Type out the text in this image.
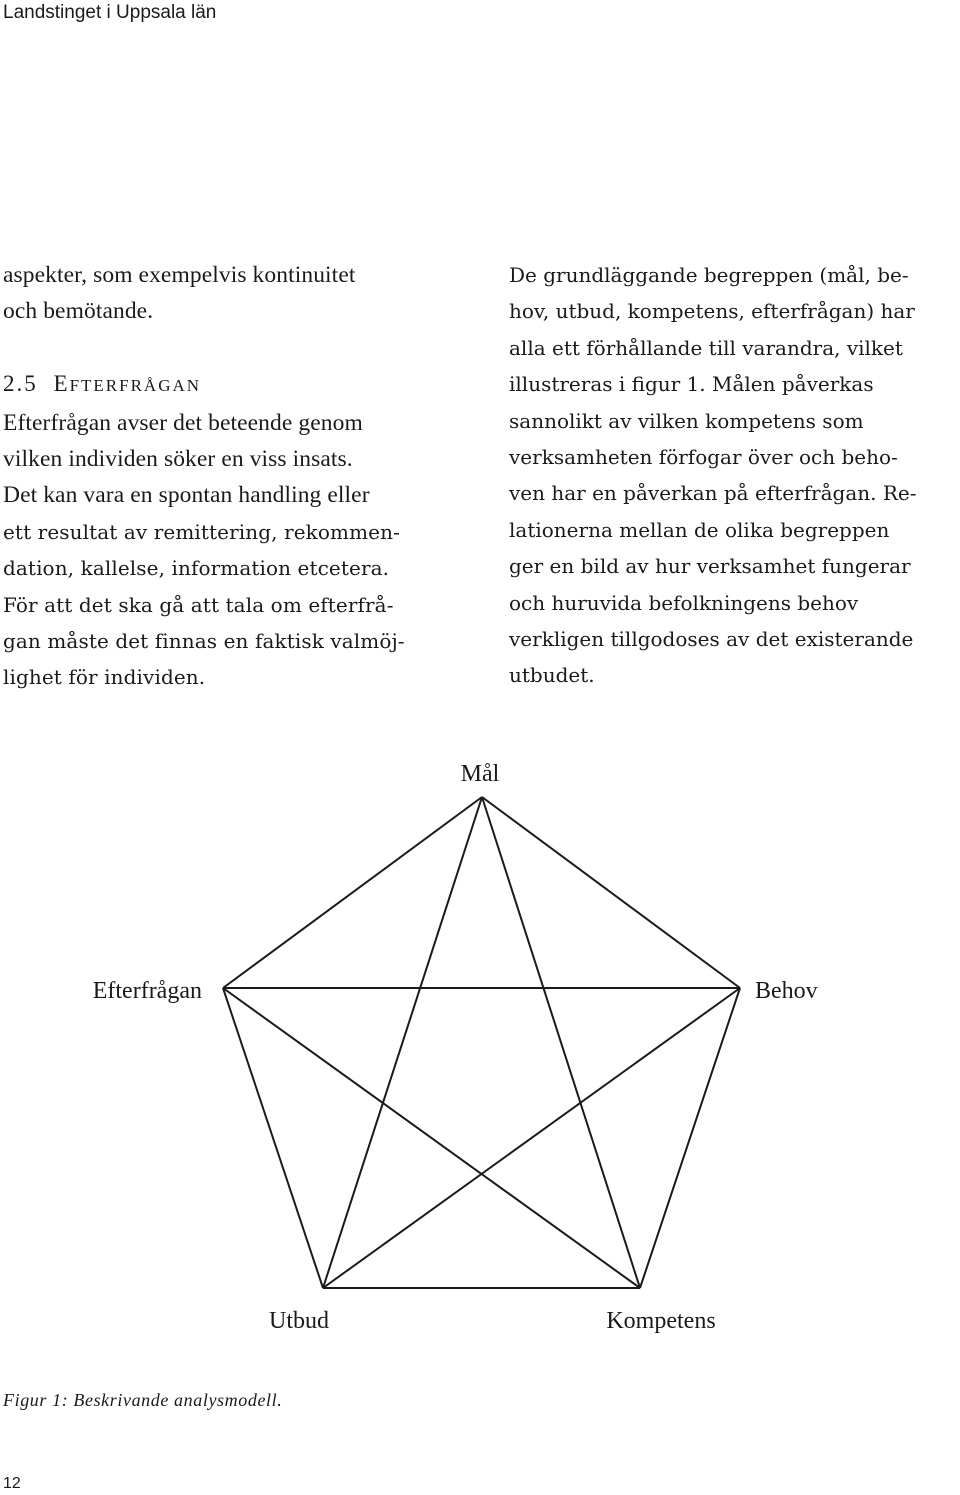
Landstinget i Uppsala län
aspekter, som exempelvis kontinuitet
och bemötande.
2.5 EFTERFRÅGAN
Efterfrågan avser det beteende genom
vilken individen söker en viss insats.
Det kan vara en spontan handling eller
ett resultat av remittering, rekommen-
dation, kallelse, information etcetera.
För att det ska gå att tala om efterfrå-
gan måste det finnas en faktisk valmöj-
lighet för individen.
De grundläggande begreppen (mål, be-
hov, utbud, kompetens, efterfrågan) har
alla ett förhållande till varandra, vilket
illustreras i figur 1. Målen påverkas
sannolikt av vilken kompetens som
verksamheten förfogar över och beho-
ven har en påverkan på efterfrågan. Re-
lationerna mellan de olika begreppen
ger en bild av hur verksamhet fungerar
och huruvida befolkningens behov
verkligen tillgodoses av det existerande
utbudet.
Mål
Efterfrågan	Behov
Utbud	Kompetens
Figur 1: Beskrivande analysmodell.
12
